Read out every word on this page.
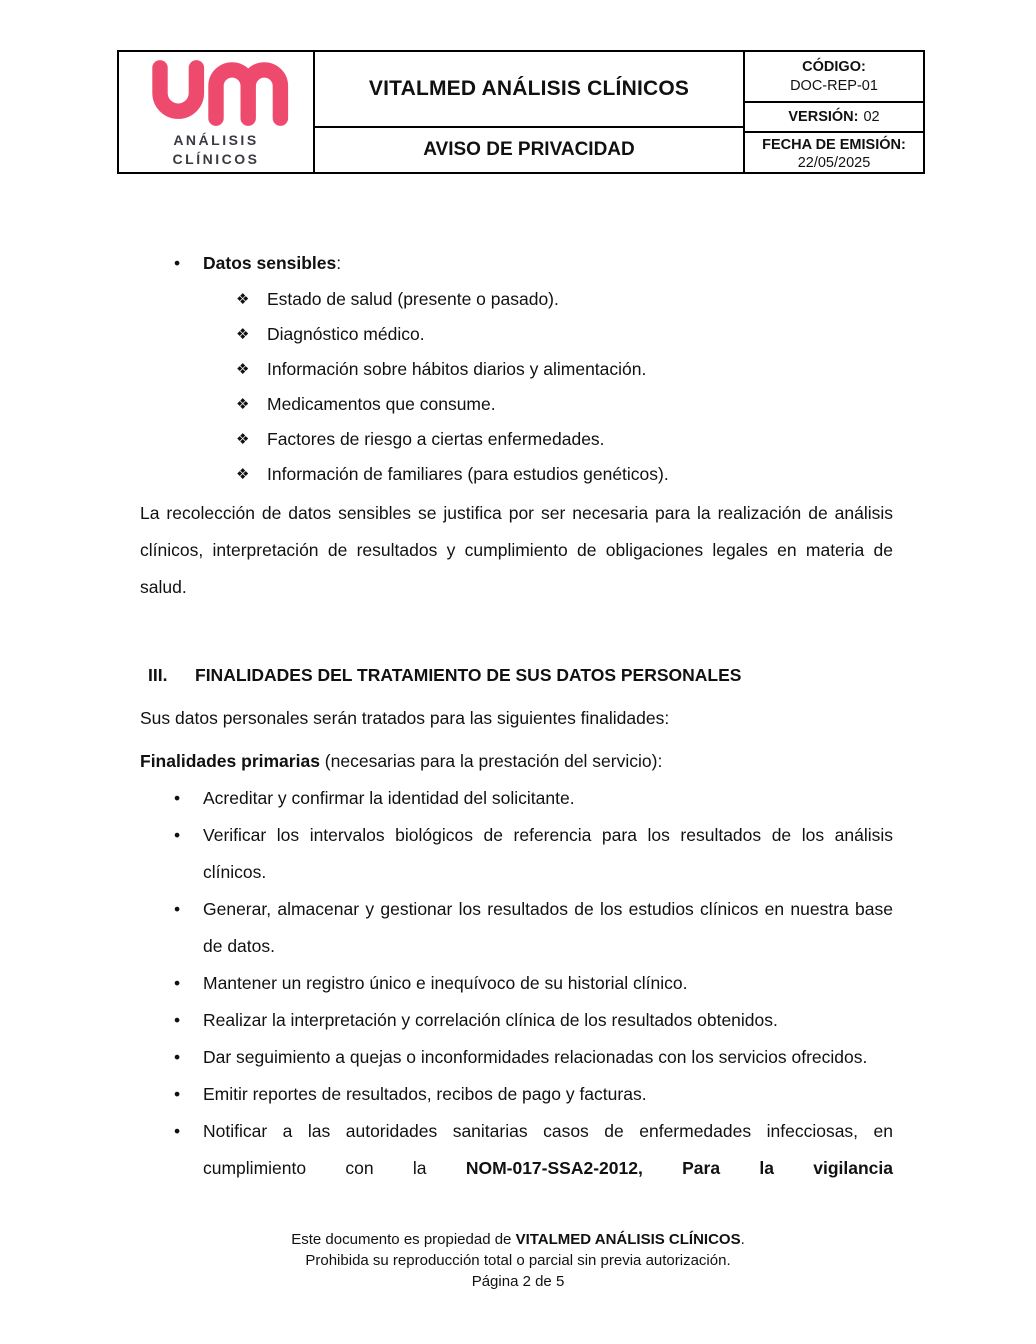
ANÁLISIS
CLÍNICOS
VITALMED ANÁLISIS CLÍNICOS
AVISO DE PRIVACIDAD
CÓDIGO:
DOC-REP-01
VERSIÓN: 02
FECHA DE EMISIÓN:
22/05/2025
•	Datos sensibles:
❖	Estado de salud (presente o pasado).
❖	Diagnóstico médico.
❖	Información sobre hábitos diarios y alimentación.
❖	Medicamentos que consume.
❖	Factores de riesgo a ciertas enfermedades.
❖	Información de familiares (para estudios genéticos).
La recolección de datos sensibles se justifica por ser necesaria para la realización de análisis clínicos, interpretación de resultados y cumplimiento de obligaciones legales en materia de salud.
III.	FINALIDADES DEL TRATAMIENTO DE SUS DATOS PERSONALES
Sus datos personales serán tratados para las siguientes finalidades:
Finalidades primarias (necesarias para la prestación del servicio):
•	Acreditar y confirmar la identidad del solicitante.
•	Verificar los intervalos biológicos de referencia para los resultados de los análisis clínicos.
•	Generar, almacenar y gestionar los resultados de los estudios clínicos en nuestra base de datos.
•	Mantener un registro único e inequívoco de su historial clínico.
•	Realizar la interpretación y correlación clínica de los resultados obtenidos.
•	Dar seguimiento a quejas o inconformidades relacionadas con los servicios ofrecidos.
•	Emitir reportes de resultados, recibos de pago y facturas.
•	Notificar a las autoridades sanitarias casos de enfermedades infecciosas, en cumplimiento con la NOM-017-SSA2-2012, Para la vigilancia
Este documento es propiedad de VITALMED ANÁLISIS CLÍNICOS.
Prohibida su reproducción total o parcial sin previa autorización.
Página 2 de 5
